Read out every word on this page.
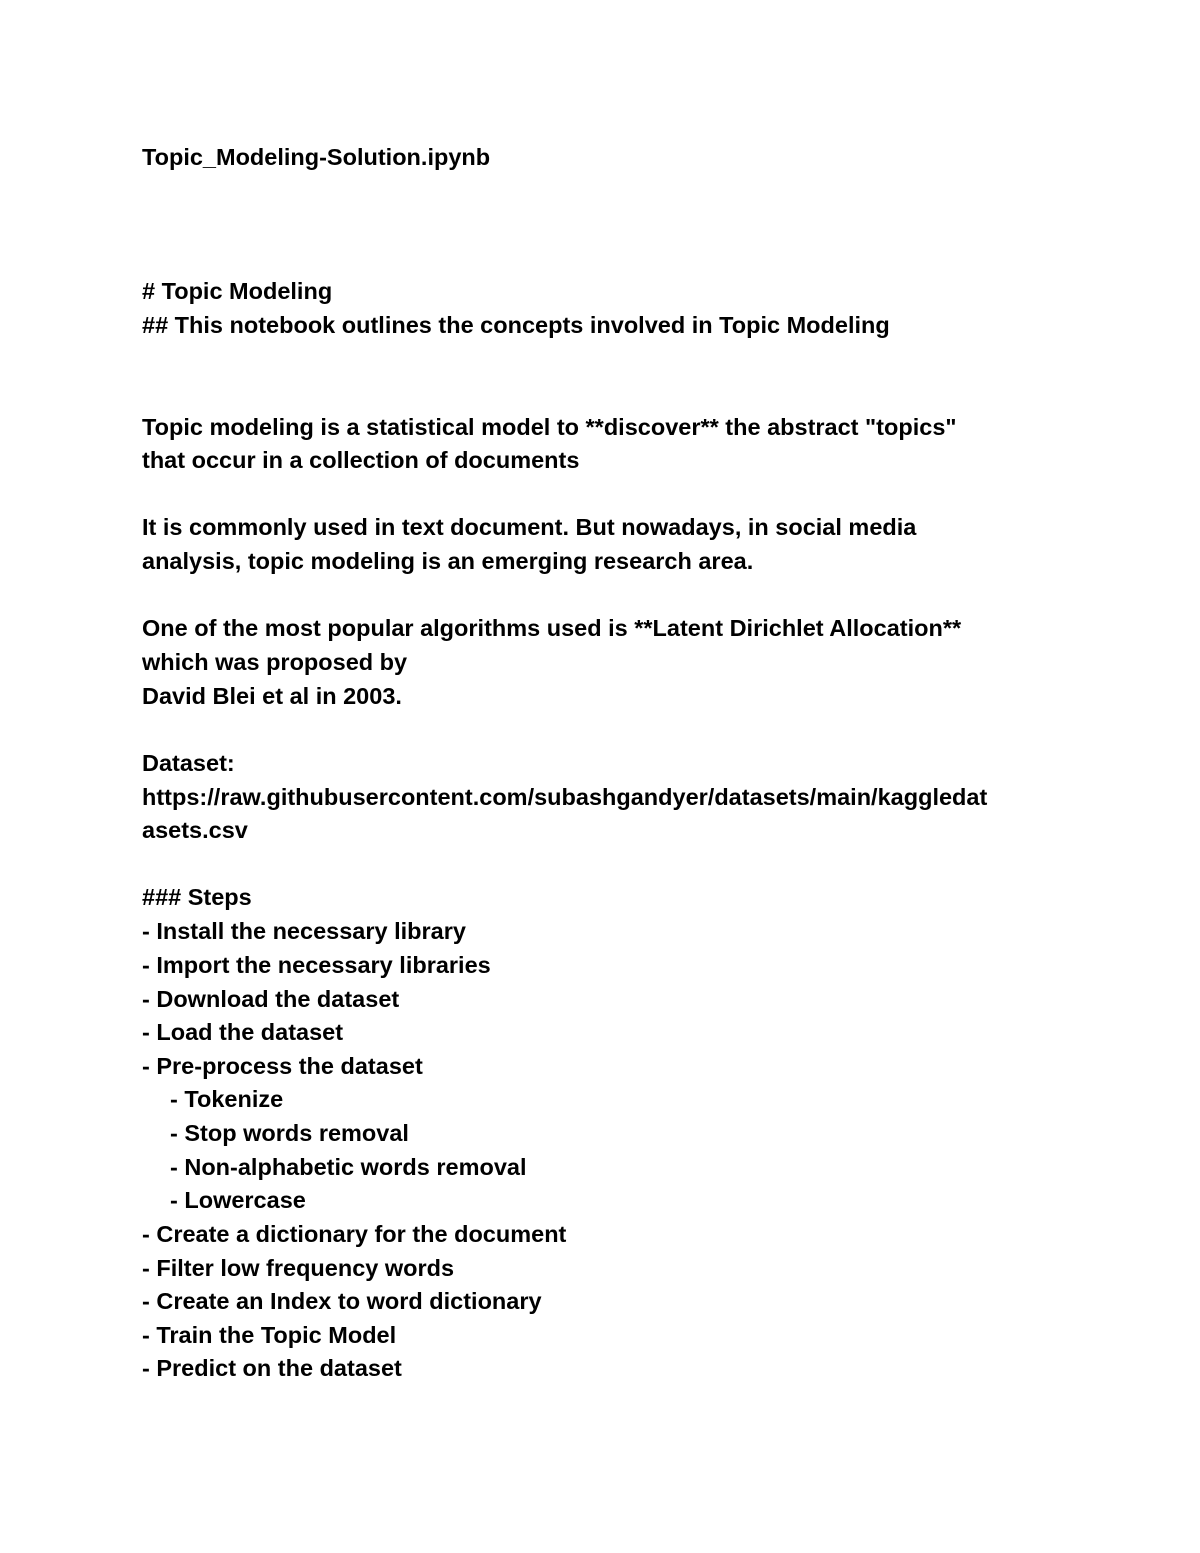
Topic_Modeling-Solution.ipynb

# Topic Modeling

## This notebook outlines the concepts involved in Topic Modeling

Topic modeling is a statistical model to **discover** the abstract "topics"

that occur in a collection of documents

It is commonly used in text document. But nowadays, in social media

analysis, topic modeling is an emerging research area.

One of the most popular algorithms used is **Latent Dirichlet Allocation**

which was proposed by

David Blei et al in 2003.

Dataset:

https://raw.githubusercontent.com/subashgandyer/datasets/main/kaggledat

asets.csv

### Steps

- Install the necessary library

- Import the necessary libraries

- Download the dataset

- Load the dataset

- Pre-process the dataset

- Tokenize

- Stop words removal

- Non-alphabetic words removal

- Lowercase

- Create a dictionary for the document

- Filter low frequency words

- Create an Index to word dictionary

- Train the Topic Model

- Predict on the dataset
